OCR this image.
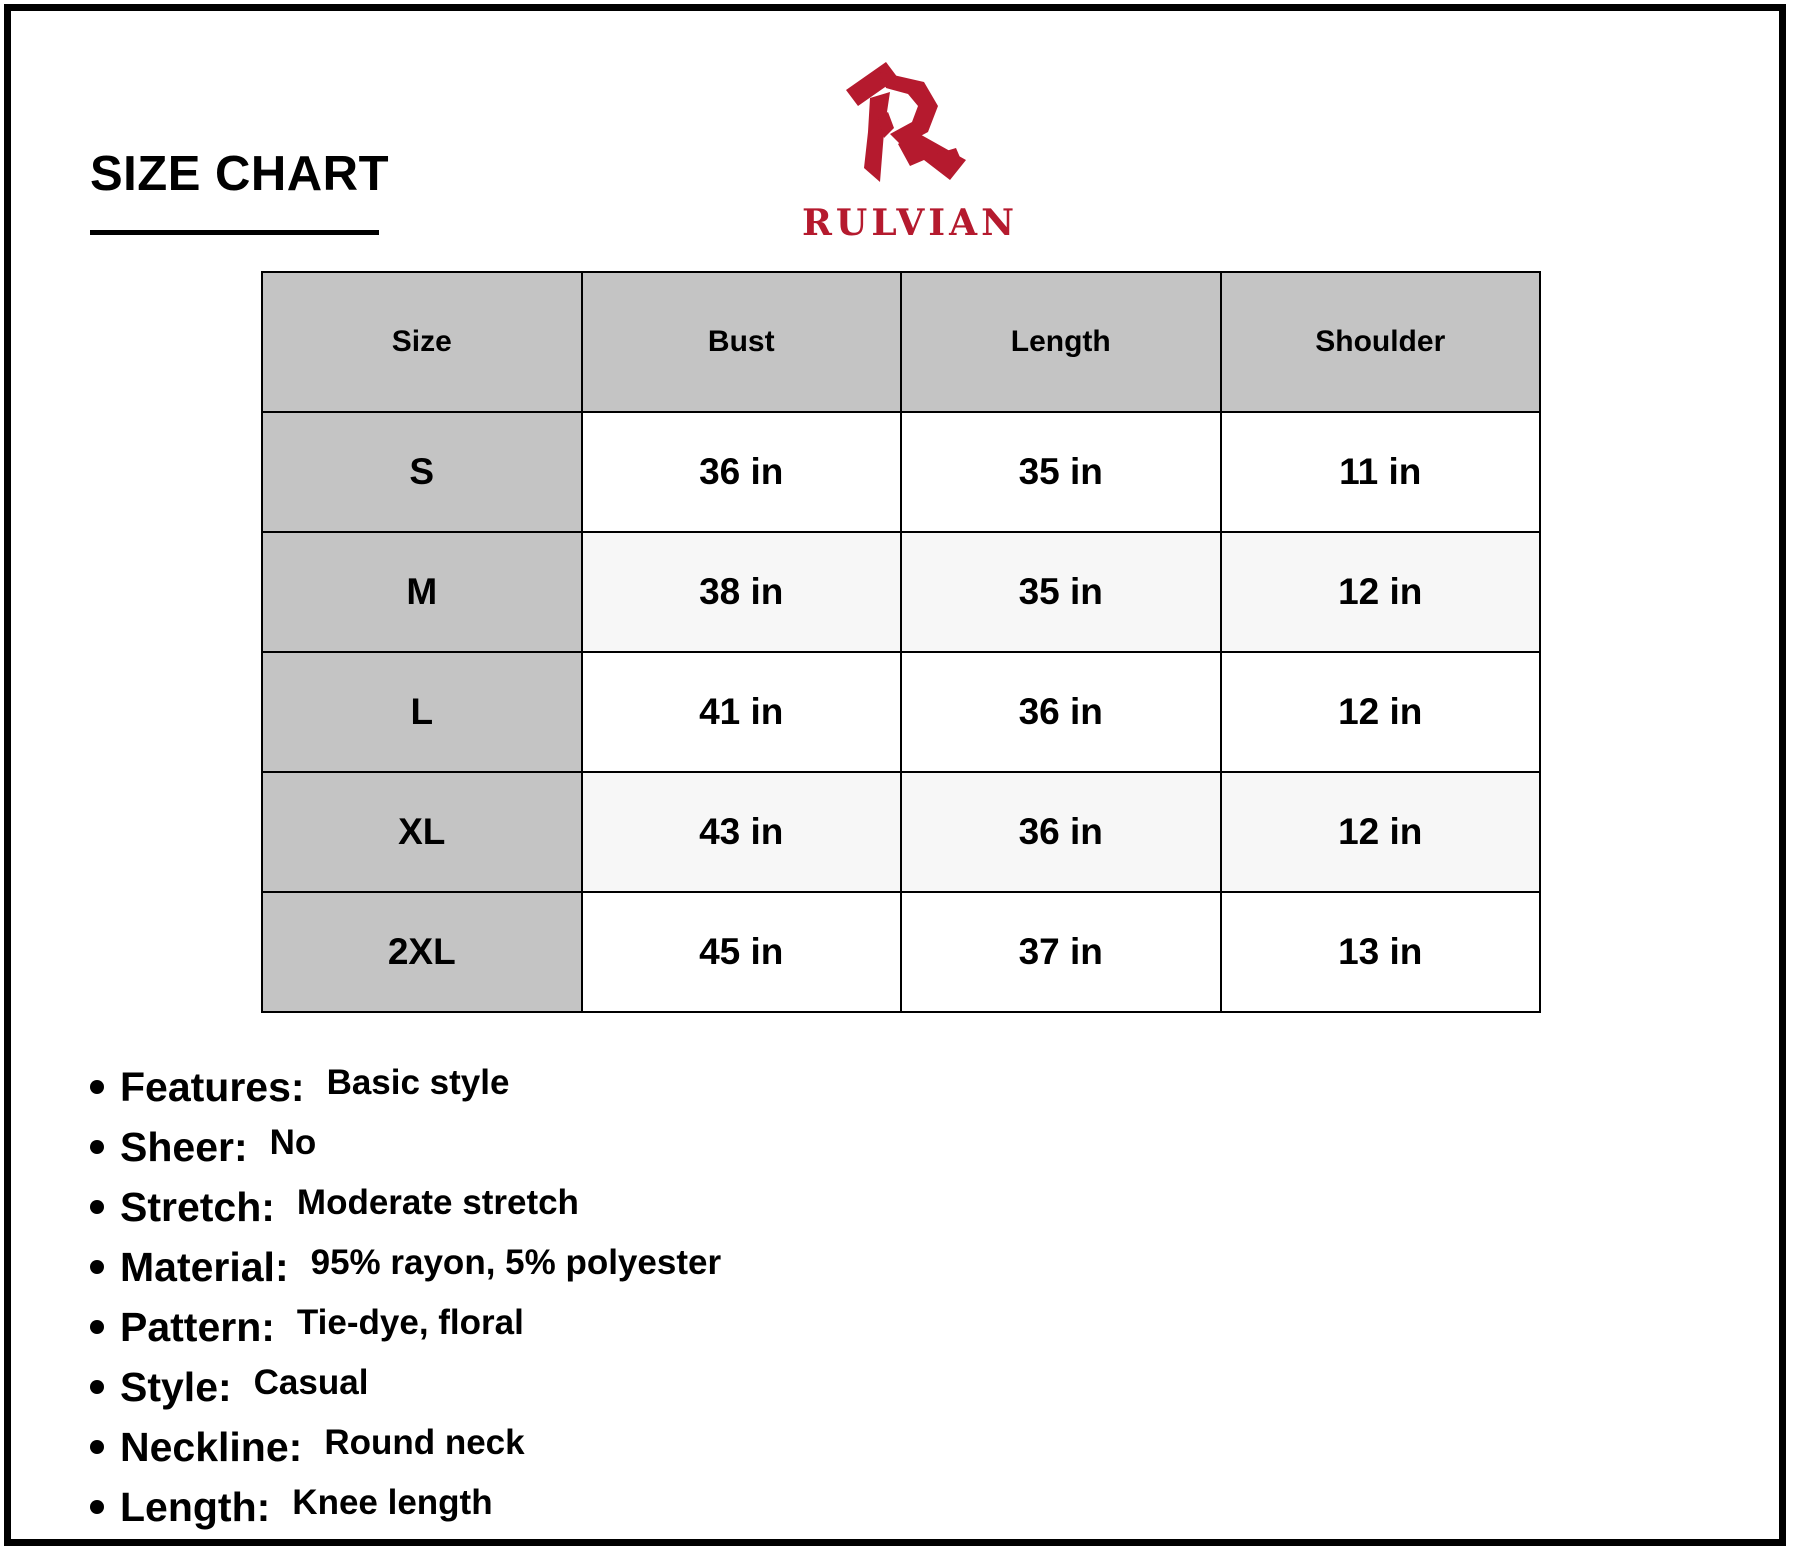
SIZE CHART
RULVIAN
Size	Bust	Length	Shoulder
S	36 in	35 in	11 in
M	38 in	35 in	12 in
L	41 in	36 in	12 in
XL	43 in	36 in	12 in
2XL	45 in	37 in	13 in
Features: Basic style
Sheer: No
Stretch: Moderate stretch
Material: 95% rayon, 5% polyester
Pattern: Tie-dye, floral
Style: Casual
Neckline: Round neck
Length: Knee length
